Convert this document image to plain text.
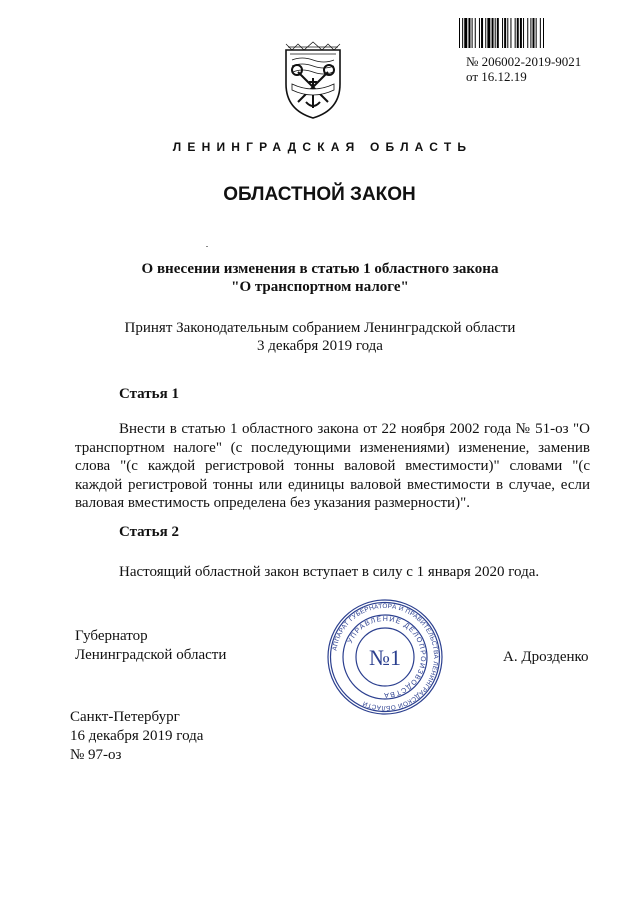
№ 206002-2019-9021
от 16.12.19
ЛЕНИНГРАДСКАЯ ОБЛАСТЬ
ОБЛАСТНОЙ ЗАКОН
О внесении изменения в статью 1 областного закона
"О транспортном налоге"
Принят Законодательным собранием Ленинградской области
3 декабря 2019 года
Статья 1
Внести в статью 1 областного закона от 22 ноября 2002 года № 51-оз "О транспортном налоге" (с последующими изменениями) изменение, заменив слова "(с каждой регистровой тонны валовой вместимости)" словами "(с каждой регистровой тонны или единицы валовой вместимости в случае, если валовая вместимость определена без указания размерности)".
Статья 2
Настоящий областной закон вступает в силу с 1 января 2020 года.
Губернатор
Ленинградской области	АППАРАТ ГУБЕРНАТОРА И ПРАВИТЕЛЬСТВА ЛЕНИНГРАДСКОЙ ОБЛАСТИ
УПРАВЛЕНИЕ ДЕЛОПРОИЗВОДСТВА
№1	А. Дрозденко
Санкт-Петербург
16 декабря 2019 года
№ 97-оз
